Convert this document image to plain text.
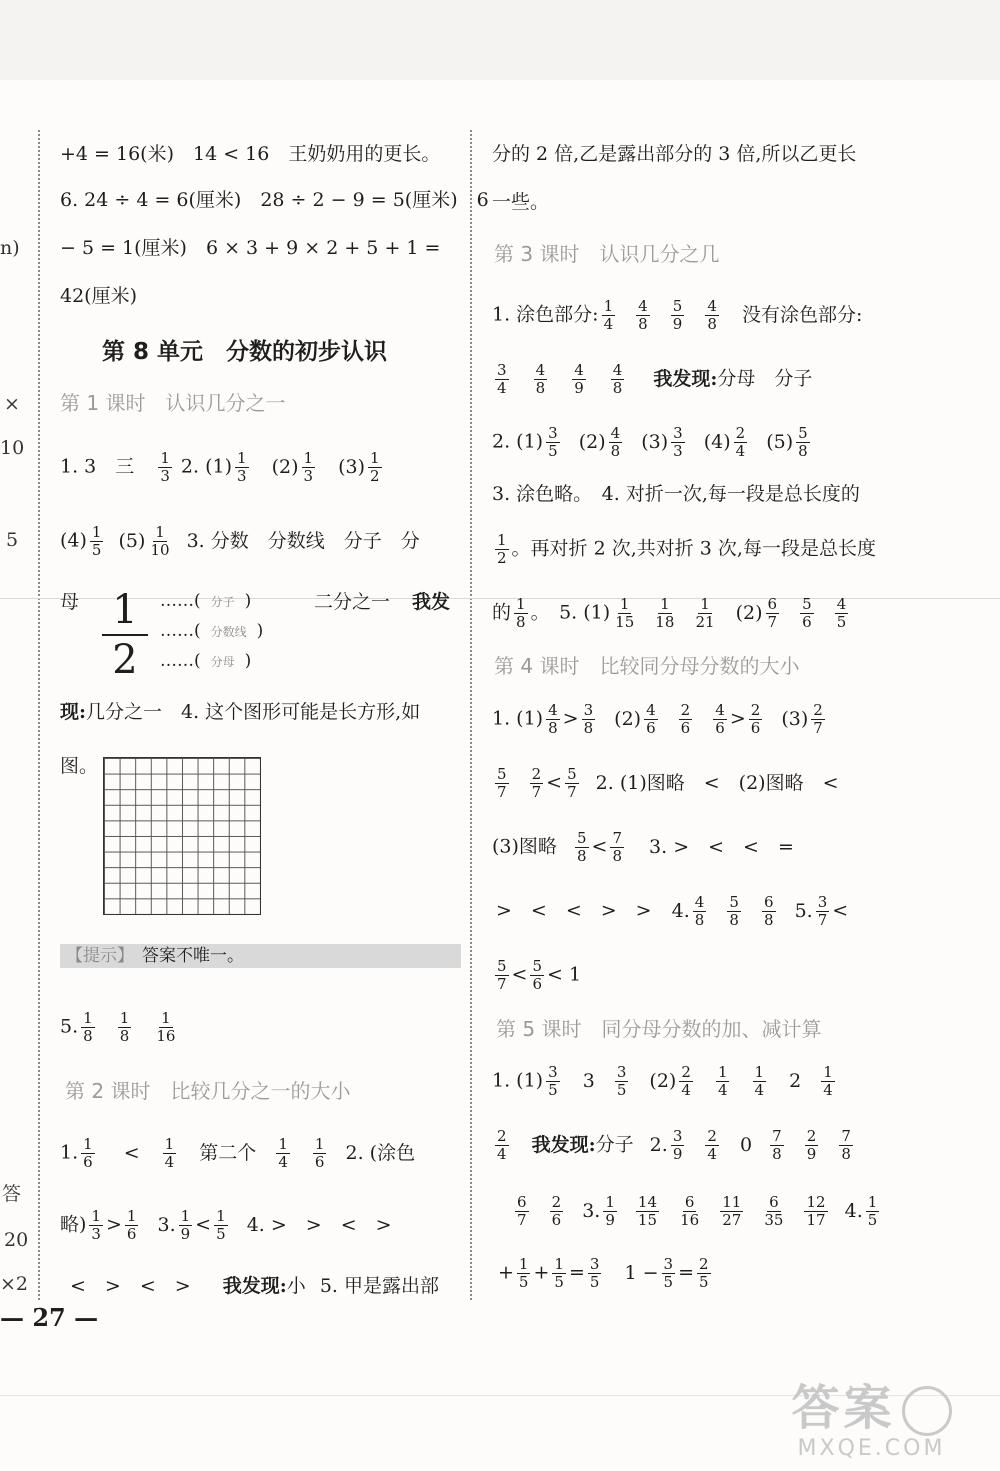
n)
×
10
5
答
20
×2
+4 = 16(米)　14 < 16　王奶奶用的更长。
6. 24 ÷ 4 = 6(厘米)　28 ÷ 2 − 9 = 5(厘米)　6
− 5 = 1(厘米)　6 × 3 + 9 × 2 + 5 + 1 =
42(厘米)
第 8 单元　分数的初步认识
第 1 课时　认识几分之一
1. 3　三 $\frac{1}{3} 2$. $(1) \frac{1}{3} (2) \frac{1}{3} (3) \frac{1}{2}$
$(4) \frac{1}{5} (5) \frac{1}{10} 3$. 分数　分数线　分子　分
母 1
2
……( 分子 )
……( 分数线 )
……( 分母 )
二分之一 我发
现:几分之一　4. 这个图形可能是长方形,如
图。
【提示】 答案不唯一。
5. $\frac{1}{8}$
$\frac{1}{8}$
$\frac{1}{16}$
第 2 课时　比较几分之一的大小
1. $\frac{1}{6} < \frac{1}{4}$ 第二个 $\frac{1}{4}$
$\frac{1}{6} 2$. (涂色
略) $\frac{1}{3} > \frac{1}{6} 3$. $\frac{1}{9} < \frac{1}{5} 4$. >　>　<　>
<　>　<　> 我发现:小 5. 甲是露出部
— 27 —
分的 2 倍,乙是露出部分的 3 倍,所以乙更长
一些。
第 3 课时　认识几分之几
1. 涂色部分: $\frac{1}{4}$
$\frac{4}{8}$
$\frac{5}{9}$
$\frac{4}{8}$ 没有涂色部分:
$\frac{3}{4}$
$\frac{4}{8}$
$\frac{4}{9}$
$\frac{4}{8}$ 我发现:分母　分子
2. $(1) \frac{3}{5} (2) \frac{4}{8} (3) \frac{3}{3} (4) \frac{2}{4} (5) \frac{5}{8}$
3. 涂色略。　4. 对折一次,每一段是总长度的
$\frac{1}{2}$ 。再对折 2 次,共对折 3 次,每一段是总长度
的 $\frac{1}{8}$ 。　5. $(1) \frac{1}{15}$
$\frac{1}{18}$
$\frac{1}{21} (2) \frac{6}{7}$
$\frac{5}{6}$
$\frac{4}{5}$
第 4 课时　比较同分母分数的大小
1. $(1) \frac{4}{8} > \frac{3}{8} (2) \frac{4}{6}$
$\frac{2}{6}$
$\frac{4}{6} > \frac{2}{6} (3) \frac{2}{7}$
$\frac{5}{7}$
$\frac{2}{7} < \frac{5}{7} 2$. (1)图略　<　(2)图略　<
(3)图略 $\frac{5}{8} < \frac{7}{8} 3$. >　<　<　=
>　<　<　>　> 4. $\frac{4}{8}$
$\frac{5}{8}$
$\frac{6}{8} 5$. $\frac{3}{7}$ <
$\frac{5}{7} < \frac{5}{6} < 1$
第 5 课时　同分母分数的加、减计算
1. $(1) \frac{3}{5} 3 \frac{3}{5} (2) \frac{2}{4}$
$\frac{1}{4}$
$\frac{1}{4} 2 \frac{1}{4}$
$\frac{2}{4}$ 我发现:分子 2. $\frac{3}{9}$
$\frac{2}{4} 0 \frac{7}{8}$
$\frac{2}{9}$
$\frac{7}{8}$
$\frac{6}{7}$
$\frac{2}{6} 3$. $\frac{1}{9}$
$\frac{14}{15}$
$\frac{6}{16}$
$\frac{11}{27}$
$\frac{6}{35}$
$\frac{12}{17} 4$. $\frac{1}{5}$
+ $\frac{1}{5} + \frac{1}{5} = \frac{3}{5} 1 - \frac{3}{5} = \frac{2}{5}$
答案
MXQE.COM
